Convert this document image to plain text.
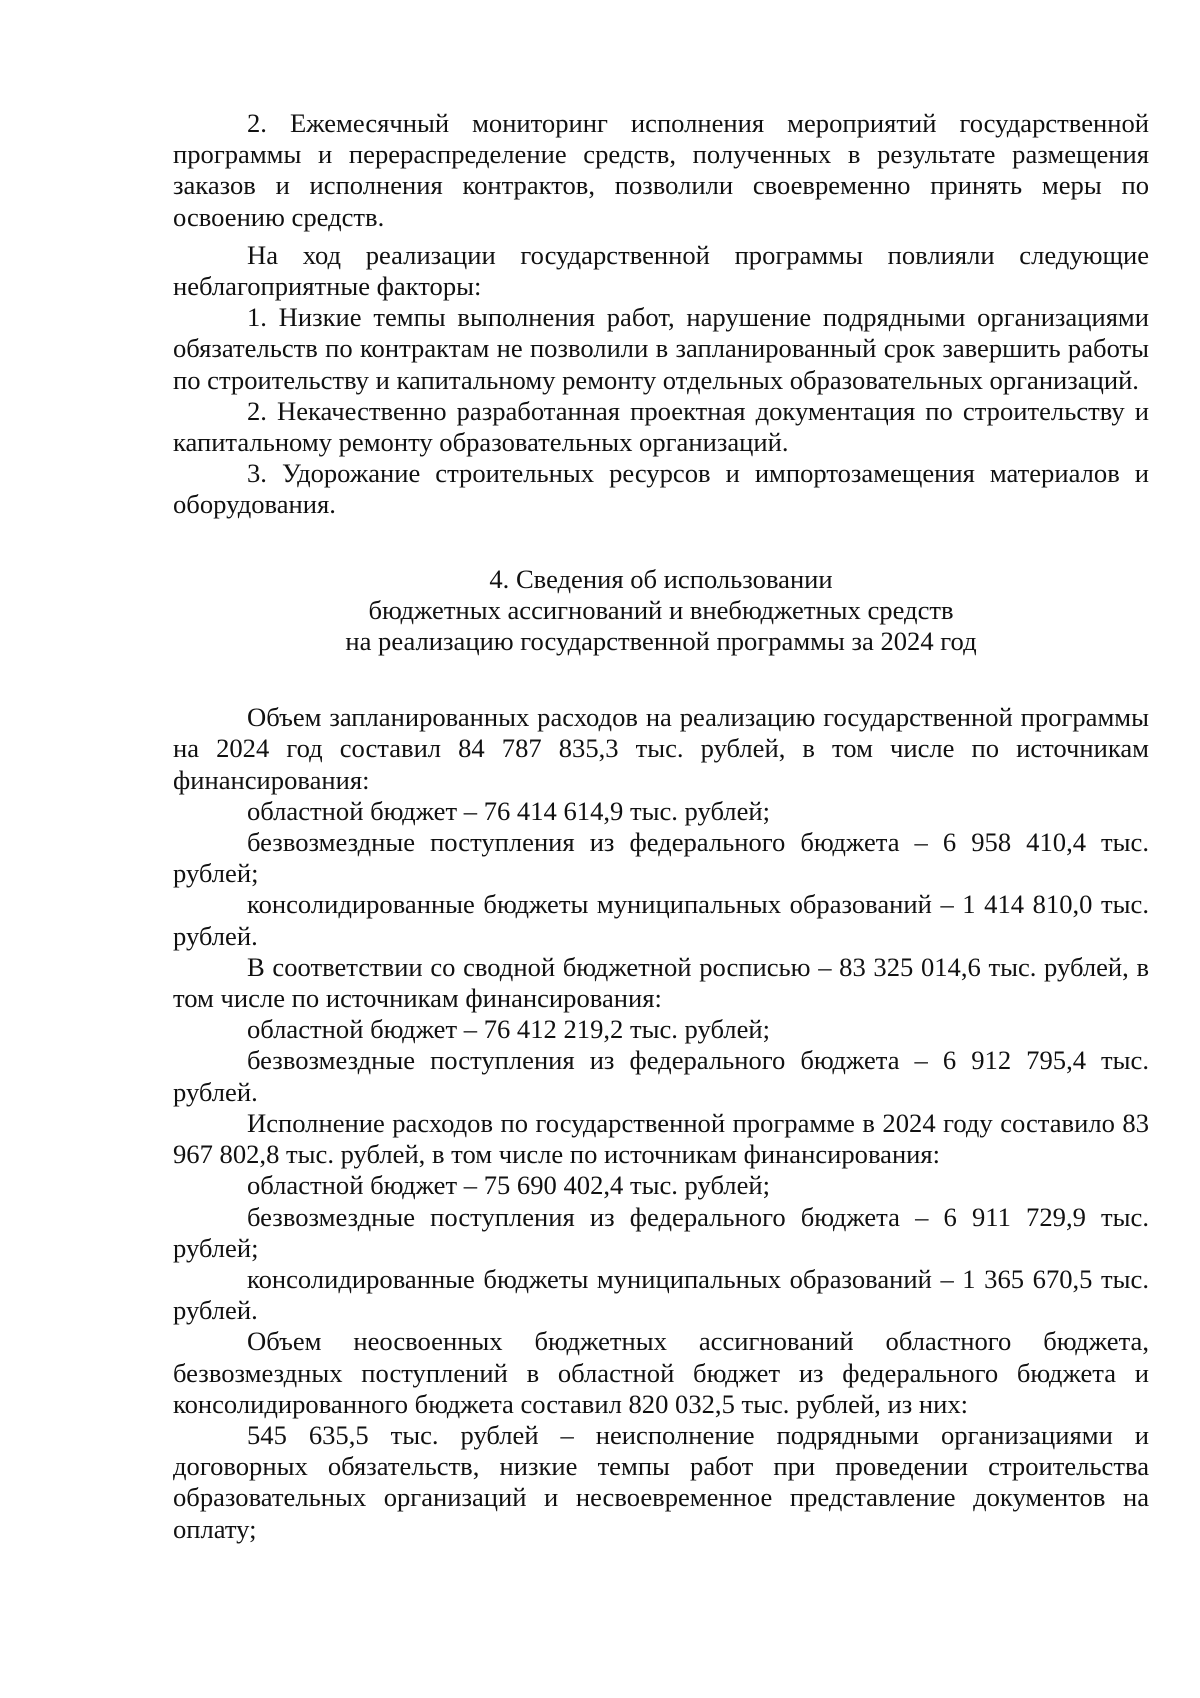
2. Ежемесячный мониторинг исполнения мероприятий государственной программы и перераспределение средств, полученных в результате размещения заказов и исполнения контрактов, позволили своевременно принять меры по освоению средств.

На ход реализации государственной программы повлияли следующие неблагоприятные факторы:

1. Низкие темпы выполнения работ, нарушение подрядными организациями обязательств по контрактам не позволили в запланированный срок завершить работы по строительству и капитальному ремонту отдельных образовательных организаций.

2. Некачественно разработанная проектная документация по строительству и капитальному ремонту образовательных организаций.

3. Удорожание строительных ресурсов и импортозамещения материалов и оборудования.

4. Сведения об использовании
бюджетных ассигнований и внебюджетных средств
на реализацию государственной программы за 2024 год

Объем запланированных расходов на реализацию государственной программы на 2024 год составил 84 787 835,3 тыс. рублей, в том числе по источникам финансирования:

областной бюджет – 76 414 614,9 тыс. рублей;

безвозмездные поступления из федерального бюджета – 6 958 410,4 тыс. рублей;

консолидированные бюджеты муниципальных образований – 1 414 810,0 тыс. рублей.

В соответствии со сводной бюджетной росписью – 83 325 014,6 тыс. рублей, в том числе по источникам финансирования:

областной бюджет – 76 412 219,2 тыс. рублей;

безвозмездные поступления из федерального бюджета – 6 912 795,4 тыс. рублей.

Исполнение расходов по государственной программе в 2024 году составило 83 967 802,8 тыс. рублей, в том числе по источникам финансирования:

областной бюджет – 75 690 402,4 тыс. рублей;

безвозмездные поступления из федерального бюджета – 6 911 729,9 тыс. рублей;

консолидированные бюджеты муниципальных образований – 1 365 670,5 тыс. рублей.

Объем неосвоенных бюджетных ассигнований областного бюджета, безвозмездных поступлений в областной бюджет из федерального бюджета и консолидированного бюджета составил 820 032,5 тыс. рублей, из них:

545 635,5 тыс. рублей – неисполнение подрядными организациями и договорных обязательств, низкие темпы работ при проведении строительства образовательных организаций и несвоевременное представление документов на оплату;
